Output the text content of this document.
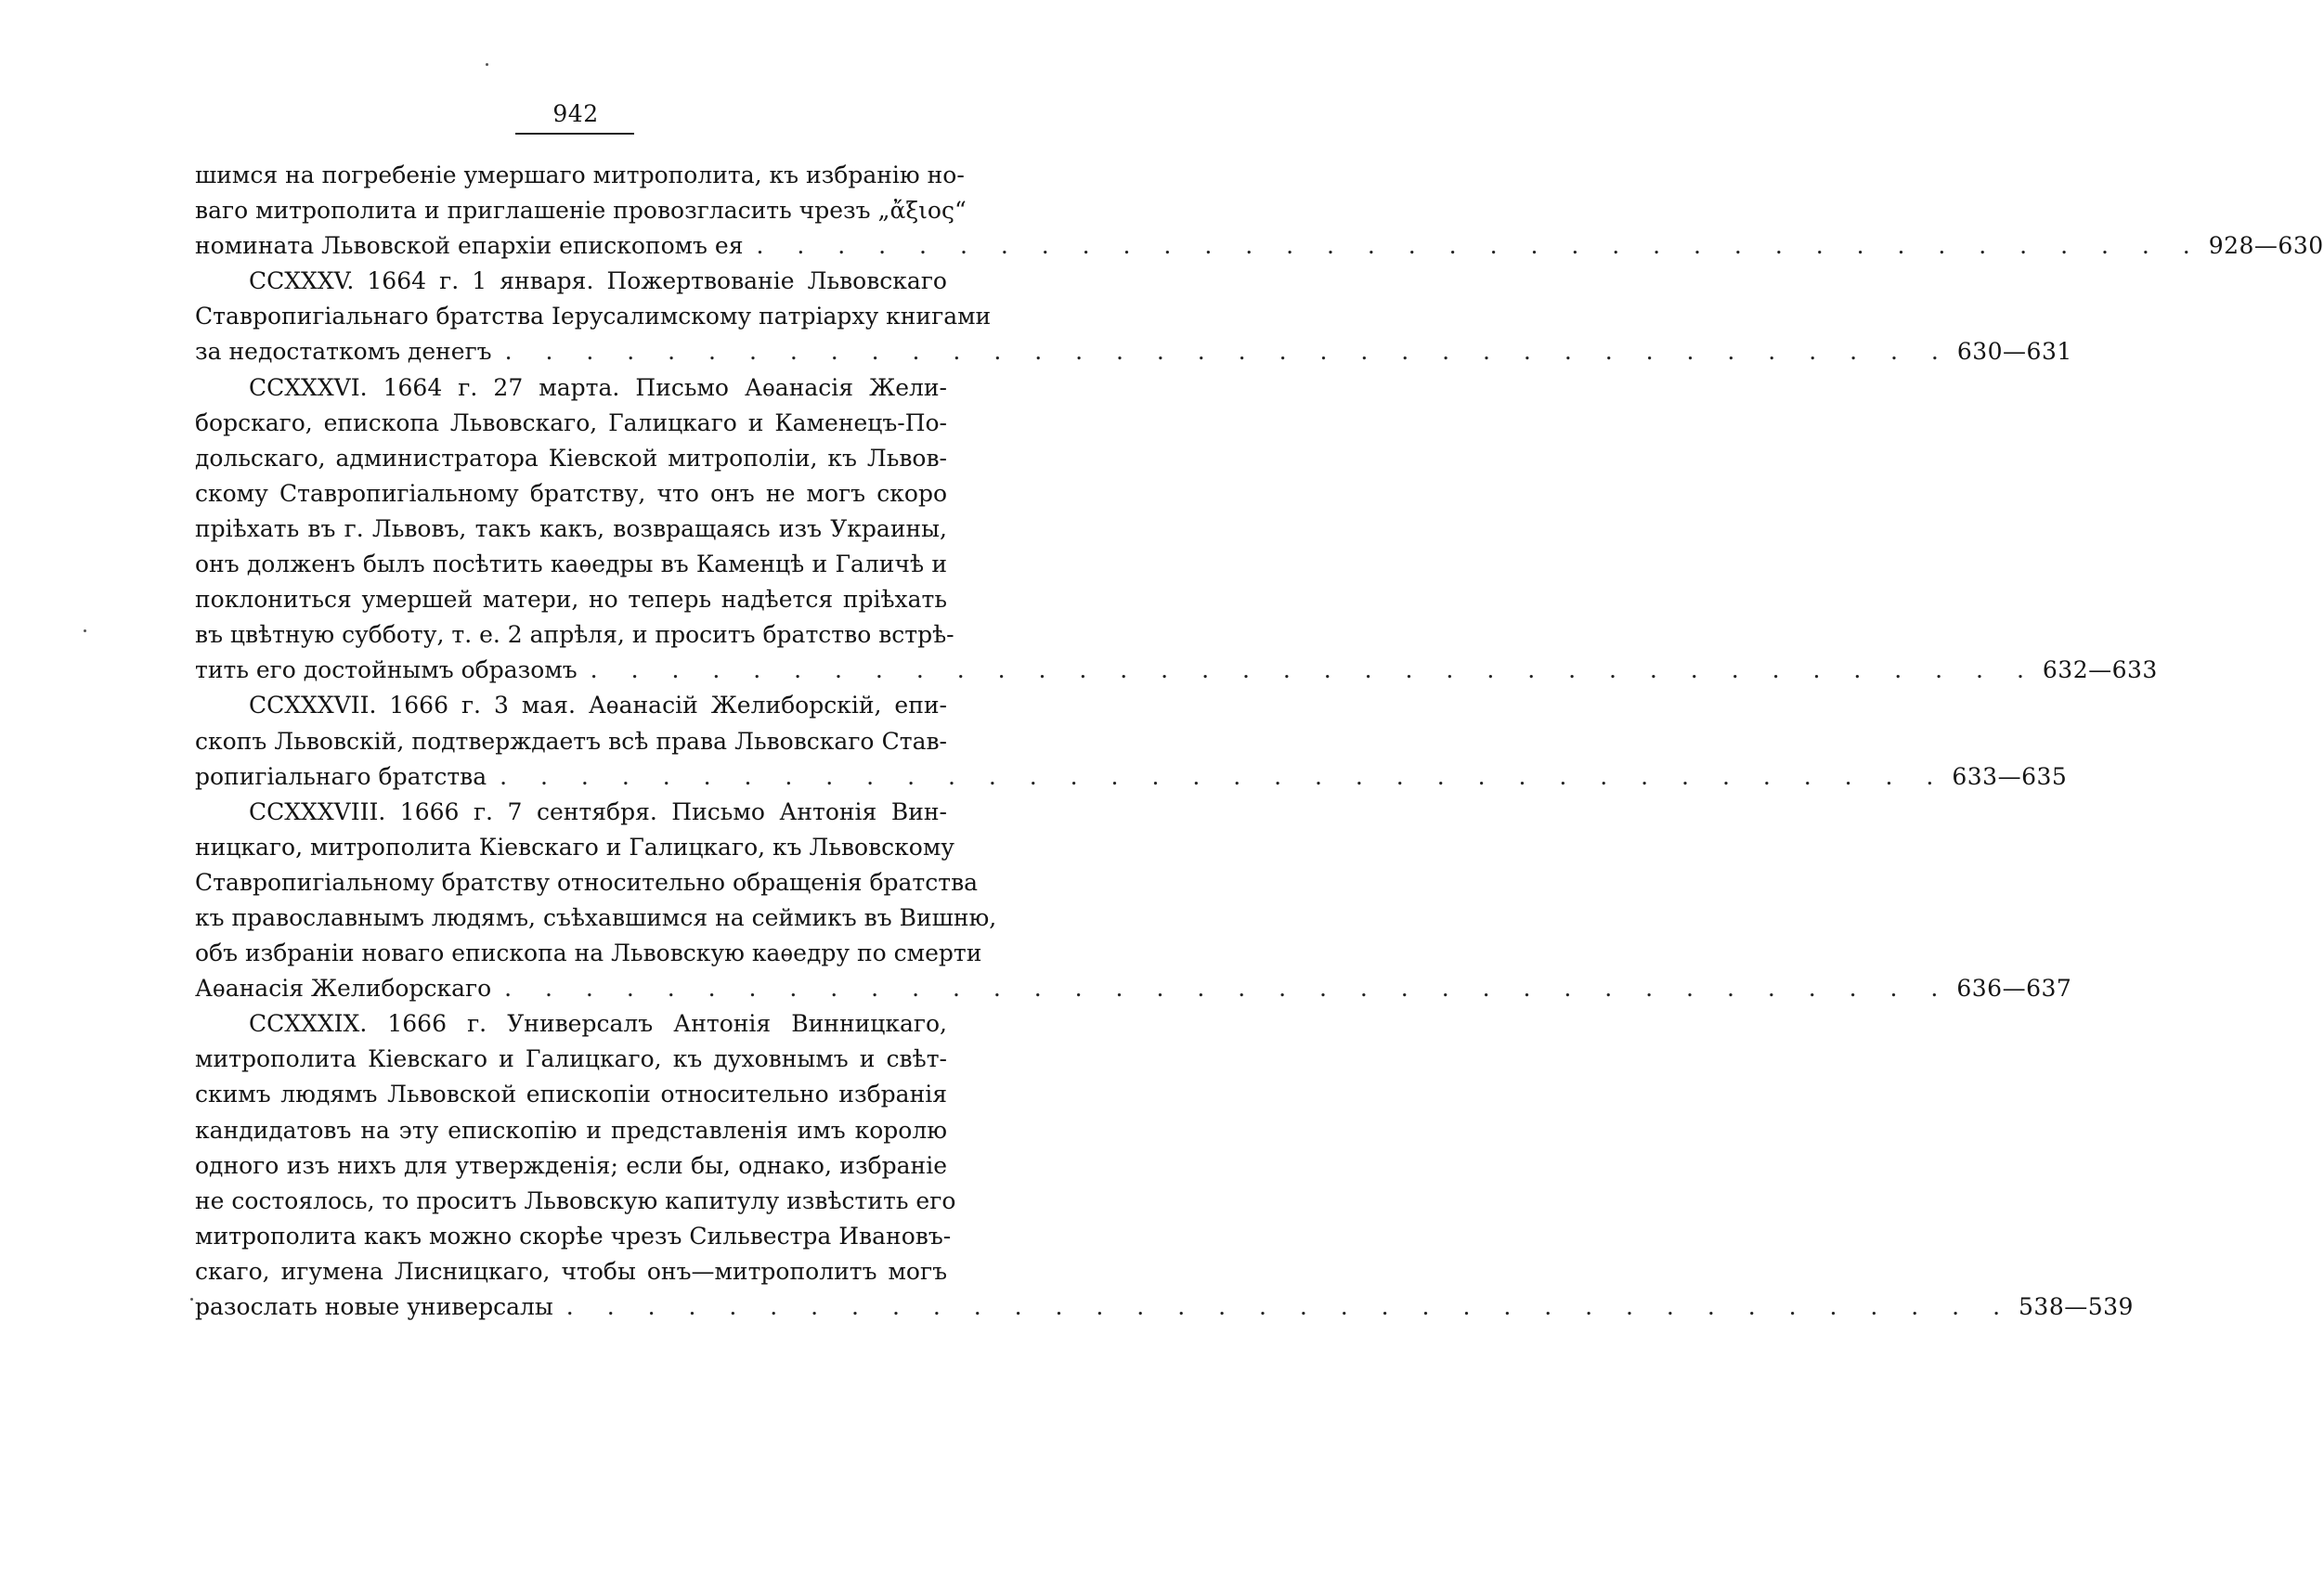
942
шимся на погребеніе умершаго митрополита, къ избранію но-
ваго митрополита и приглашеніе провозгласить чрезъ „ἄξιος“
номината Львовской епархіи епископомъ ея . . . . . . . . . . . . . . . . . . . . . . . . . . . . . . . . . . . . 928—630
CCXXXV. 1664 г. 1 января. Пожертвованіе Львовскаго
Ставропигіальнаго братства Іерусалимскому патріарху книгами
за недостаткомъ денегъ . . . . . . . . . . . . . . . . . . . . . . . . . . . . . . . . . . . . 630—631
CCXXXVI. 1664 г. 27 марта. Письмо Аѳанасія Жели-
борскаго, епископа Львовскаго, Галицкаго и Каменецъ-По-
дольскаго, администратора Кіевской митрополіи, къ Львов-
скому Ставропигіальному братству, что онъ не могъ скоро
пріѣхать въ г. Львовъ, такъ какъ, возвращаясь изъ Украины,
онъ долженъ былъ посѣтить каѳедры въ Каменцѣ и Галичѣ и
поклониться умершей матери, но теперь надѣется пріѣхать
въ цвѣтную субботу, т. е. 2 апрѣля, и проситъ братство встрѣ-
тить его достойнымъ образомъ . . . . . . . . . . . . . . . . . . . . . . . . . . . . . . . . . . . . 632—633
CCXXXVII. 1666 г. 3 мая. Аѳанасій Желиборскій, епи-
скопъ Львовскій, подтверждаетъ всѣ права Львовскаго Став-
ропигіальнаго братства . . . . . . . . . . . . . . . . . . . . . . . . . . . . . . . . . . . . 633—635
CCXXXVIII. 1666 г. 7 сентября. Письмо Антонія Вин-
ницкаго, митрополита Кіевскаго и Галицкаго, къ Львовскому
Ставропигіальному братству относительно обращенія братства
къ православнымъ людямъ, съѣхавшимся на сеймикъ въ Вишню,
объ избраніи новаго епископа на Львовскую каѳедру по смерти
Аѳанасія Желиборскаго . . . . . . . . . . . . . . . . . . . . . . . . . . . . . . . . . . . . 636—637
CCXXXIX. 1666 г. Универсалъ Антонія Винницкаго,
митрополита Кіевскаго и Галицкаго, къ духовнымъ и свѣт-
скимъ людямъ Львовской епископіи относительно избранія
кандидатовъ на эту епископію и представленія имъ королю
одного изъ нихъ для утвержденія; если бы, однако, избраніе
не состоялось, то проситъ Львовскую капитулу извѣстить его
митрополита какъ можно скорѣе чрезъ Сильвестра Ивановъ-
скаго, игумена Лисницкаго, чтобы онъ—митрополитъ могъ
разослать новые универсалы . . . . . . . . . . . . . . . . . . . . . . . . . . . . . . . . . . . . 538—539
